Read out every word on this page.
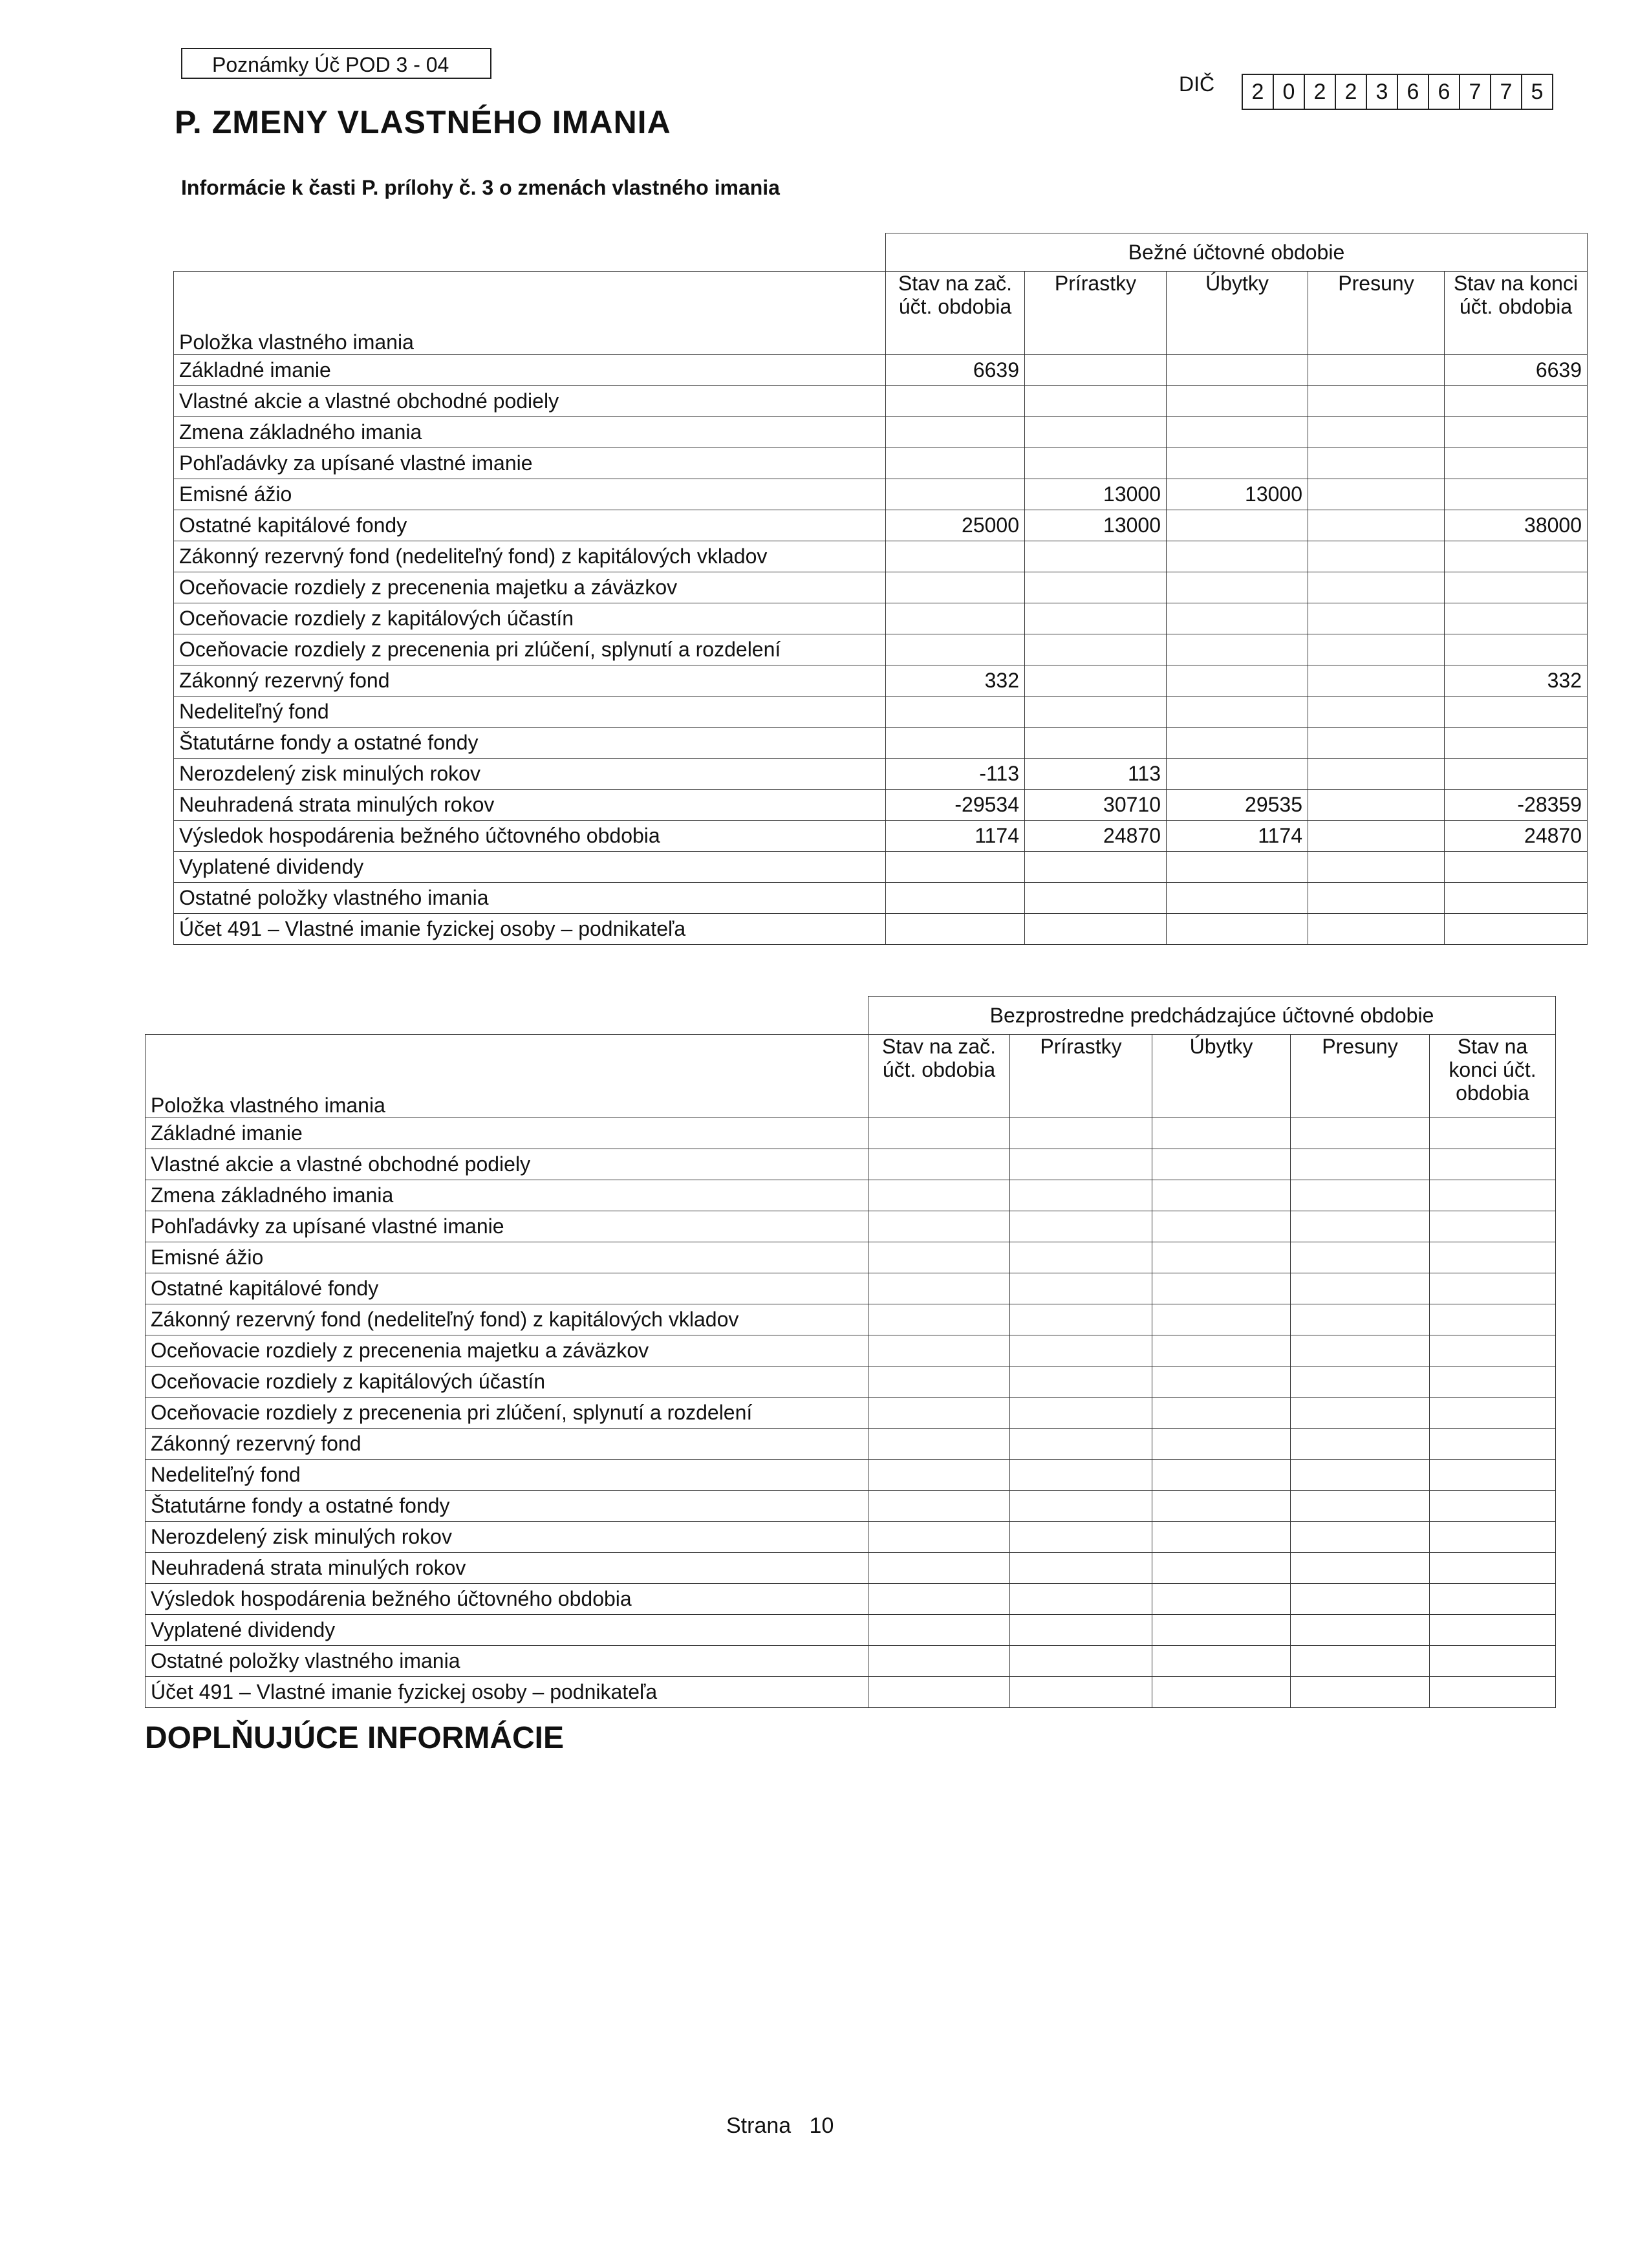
Poznámky Úč POD 3 - 04
P. ZMENY VLASTNÉHO IMANIA
DIČ	2 0 2 2 3 6 6 7 7 5
Informácie k časti P. prílohy č. 3 o zmenách vlastného imania
	Bežné účtovné obdobie				
Položka vlastného imania	Stav na zač. účt. obdobia	Prírastky	Úbytky	Presuny	Stav na konci účt. obdobia
Základné imanie	6639				6639
Vlastné akcie a vlastné obchodné podiely					
Zmena základného imania					
Pohľadávky za upísané vlastné imanie					
Emisné ážio		13000	13000		
Ostatné kapitálové fondy	25000	13000			38000
Zákonný rezervný fond (nedeliteľný fond) z kapitálových vkladov					
Oceňovacie rozdiely z precenenia majetku a záväzkov					
Oceňovacie rozdiely z kapitálových účastín					
Oceňovacie rozdiely z precenenia pri zlúčení, splynutí a rozdelení					
Zákonný rezervný fond	332				332
Nedeliteľný fond					
Štatutárne fondy a ostatné fondy					
Nerozdelený zisk minulých rokov	-113	113			
Neuhradená strata minulých rokov	-29534	30710	29535		-28359
Výsledok hospodárenia bežného účtovného obdobia	1174	24870	1174		24870
Vyplatené dividendy					
Ostatné položky vlastného imania					
Účet 491 – Vlastné imanie fyzickej osoby – podnikateľa					
	Bezprostredne predchádzajúce účtovné obdobie				
Položka vlastného imania	Stav na zač. účt. obdobia	Prírastky	Úbytky	Presuny	Stav na konci účt. obdobia
Základné imanie					
Vlastné akcie a vlastné obchodné podiely					
Zmena základného imania					
Pohľadávky za upísané vlastné imanie					
Emisné ážio					
Ostatné kapitálové fondy					
Zákonný rezervný fond (nedeliteľný fond) z kapitálových vkladov					
Oceňovacie rozdiely z precenenia majetku a záväzkov					
Oceňovacie rozdiely z kapitálových účastín					
Oceňovacie rozdiely z precenenia pri zlúčení, splynutí a rozdelení					
Zákonný rezervný fond					
Nedeliteľný fond					
Štatutárne fondy a ostatné fondy					
Nerozdelený zisk minulých rokov					
Neuhradená strata minulých rokov					
Výsledok hospodárenia bežného účtovného obdobia					
Vyplatené dividendy					
Ostatné položky vlastného imania					
Účet 491 – Vlastné imanie fyzickej osoby – podnikateľa					
DOPLŇUJÚCE INFORMÁCIE
Strana 10
